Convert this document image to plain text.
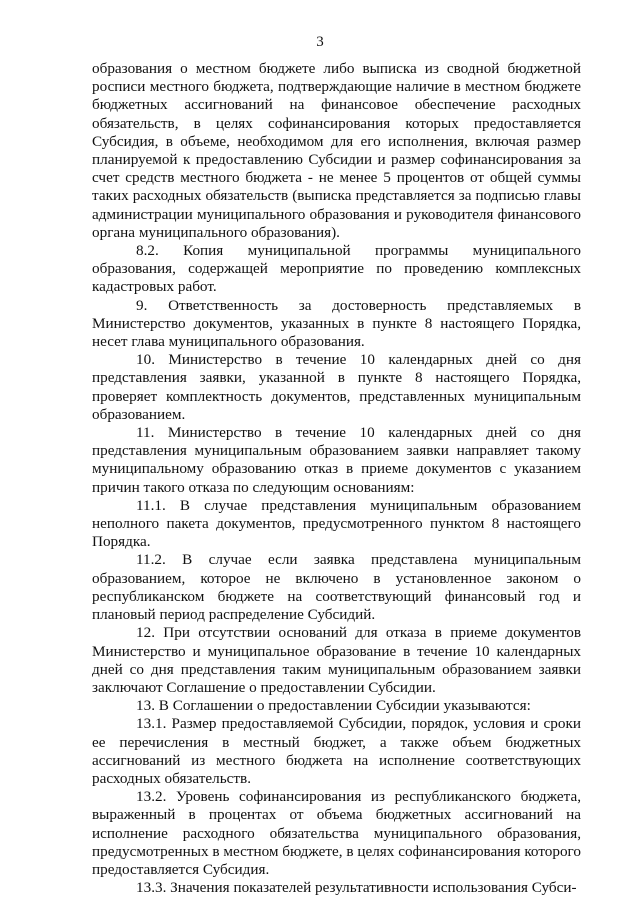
3

образования о местном бюджете либо выписка из сводной бюджетной росписи местного бюджета, подтверждающие наличие в местном бюджете бюджетных ассигнований на финансовое обеспечение расходных обязательств, в целях софинансирования которых предоставляется Субсидия, в объеме, необходимом для его исполнения, включая размер планируемой к предоставлению Субсидии и размер софинансирования за счет средств местного бюджета - не менее 5 процентов от общей суммы таких расходных обязательств (выписка представляется за подписью главы администрации муниципального образования и руководителя финансового органа муниципального образования).

8.2. Копия муниципальной программы муниципального образования, содержащей мероприятие по проведению комплексных кадастровых работ.

9. Ответственность за достоверность представляемых в Министерство документов, указанных в пункте 8 настоящего Порядка, несет глава муниципального образования.

10. Министерство в течение 10 календарных дней со дня представления заявки, указанной в пункте 8 настоящего Порядка, проверяет комплектность документов, представленных муниципальным образованием.

11. Министерство в течение 10 календарных дней со дня представления муниципальным образованием заявки направляет такому муниципальному образованию отказ в приеме документов с указанием причин такого отказа по следующим основаниям:

11.1. В случае представления муниципальным образованием неполного пакета документов, предусмотренного пунктом 8 настоящего Порядка.

11.2. В случае если заявка представлена муниципальным образованием, которое не включено в установленное законом о республиканском бюджете на соответствующий финансовый год и плановый период распределение Субсидий.

12. При отсутствии оснований для отказа в приеме документов Министерство и муниципальное образование в течение 10 календарных дней со дня представления таким муниципальным образованием заявки заключают Соглашение о предоставлении Субсидии.

13. В Соглашении о предоставлении Субсидии указываются:

13.1. Размер предоставляемой Субсидии, порядок, условия и сроки ее перечисления в местный бюджет, а также объем бюджетных ассигнований из местного бюджета на исполнение соответствующих расходных обязательств.

13.2. Уровень софинансирования из республиканского бюджета, выраженный в процентах от объема бюджетных ассигнований на исполнение расходного обязательства муниципального образования, предусмотренных в местном бюджете, в целях софинансирования которого предоставляется Субсидия.

13.3. Значения показателей результативности использования Субси-
